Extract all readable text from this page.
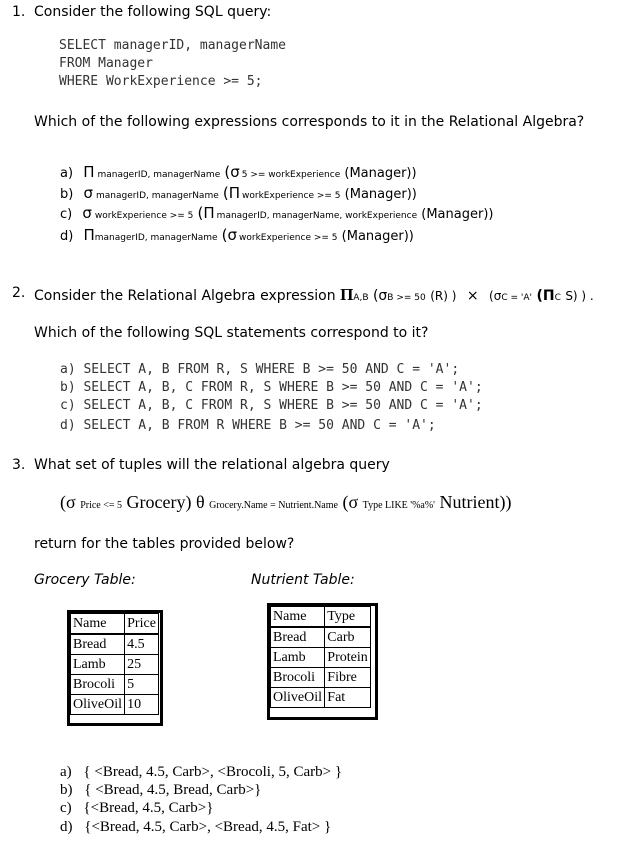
1. Consider the following SQL query:
SELECT managerID, managerName
FROM Manager
WHERE WorkExperience >= 5;
Which of the following expressions corresponds to it in the Relational Algebra?
a) Π managerID, managerName (σ 5 >= workExperience (Manager))
b) σ managerID, managerName (Π workExperience >= 5 (Manager))
c) σ workExperience >= 5 (Π managerID, managerName, workExperience (Manager))
d) ΠmanagerID, managerName (σ workExperience >= 5 (Manager))
2. Consider the Relational Algebra expression ΠA,B (σB >= 50 (R) ) × (σC = 'A' (ΠC S) ) .
Which of the following SQL statements correspond to it?
a) SELECT A, B FROM R, S WHERE B >= 50 AND C = 'A';
b) SELECT A, B, C FROM R, S WHERE B >= 50 AND C = 'A';
c) SELECT A, B, C FROM R, S WHERE B >= 50 AND C = 'A';
d) SELECT A, B FROM R WHERE B >= 50 AND C = 'A';
3. What set of tuples will the relational algebra query
(σ Price <= 5 Grocery) θ Grocery.Name = Nutrient.Name (σ Type LIKE '%a%' Nutrient))
return for the tables provided below?
Grocery Table:	Nutrient Table:
Name	Price
Bread	4.5
Lamb	25
Brocoli	5
OliveOil	10
Name	Type
Bread	Carb
Lamb	Protein
Brocoli	Fibre
OliveOil	Fat
a) { <Bread, 4.5, Carb>, <Brocoli, 5, Carb> }
b) { <Bread, 4.5, Bread, Carb>}
c) {<Bread, 4.5, Carb>}
d) {<Bread, 4.5, Carb>, <Bread, 4.5, Fat> }
